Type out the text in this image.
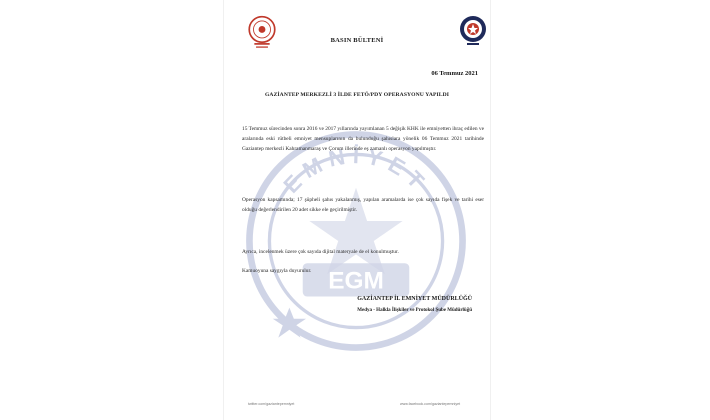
EMNİYET
EGM
BASIN BÜLTENİ
06 Temmuz 2021
GAZİANTEP MERKEZLİ 3 İLDE FETÖ/PDY OPERASYONU YAPILDI
15 Temmuz sürecinden sonra 2016 ve 2017 yıllarında yayımlanan 5 değişik KHK ile emniyetten ihraç edilen ve aralarında eski rütbeli emniyet mensuplarının da bulunduğu şahıslara yönelik 06 Temmuz 2021 tarihinde Gaziantep merkezli Kahramanmaraş ve Çorum illerinde eş zamanlı operasyon yapılmıştır.
Operasyon kapsamında; 17 şüpheli şahıs yakalanmış, yapılan aramalarda ise çok sayıda fişek ve tarihi eser olduğu değerlendirilen 20 adet sikke ele geçirilmiştir.
Ayrıca, incelenmek üzere çok sayıda dijital materyale de el konulmuştur.
Kamuoyuna saygıyla duyurulur.
GAZİANTEP İL EMNİYET MÜDÜRLÜĞÜ
Medya - Halkla İlişkiler ve Protokol Şube Müdürlüğü
twitter.com/gaziantepemniyet	www.facebook.com/gaziantepemniyet
